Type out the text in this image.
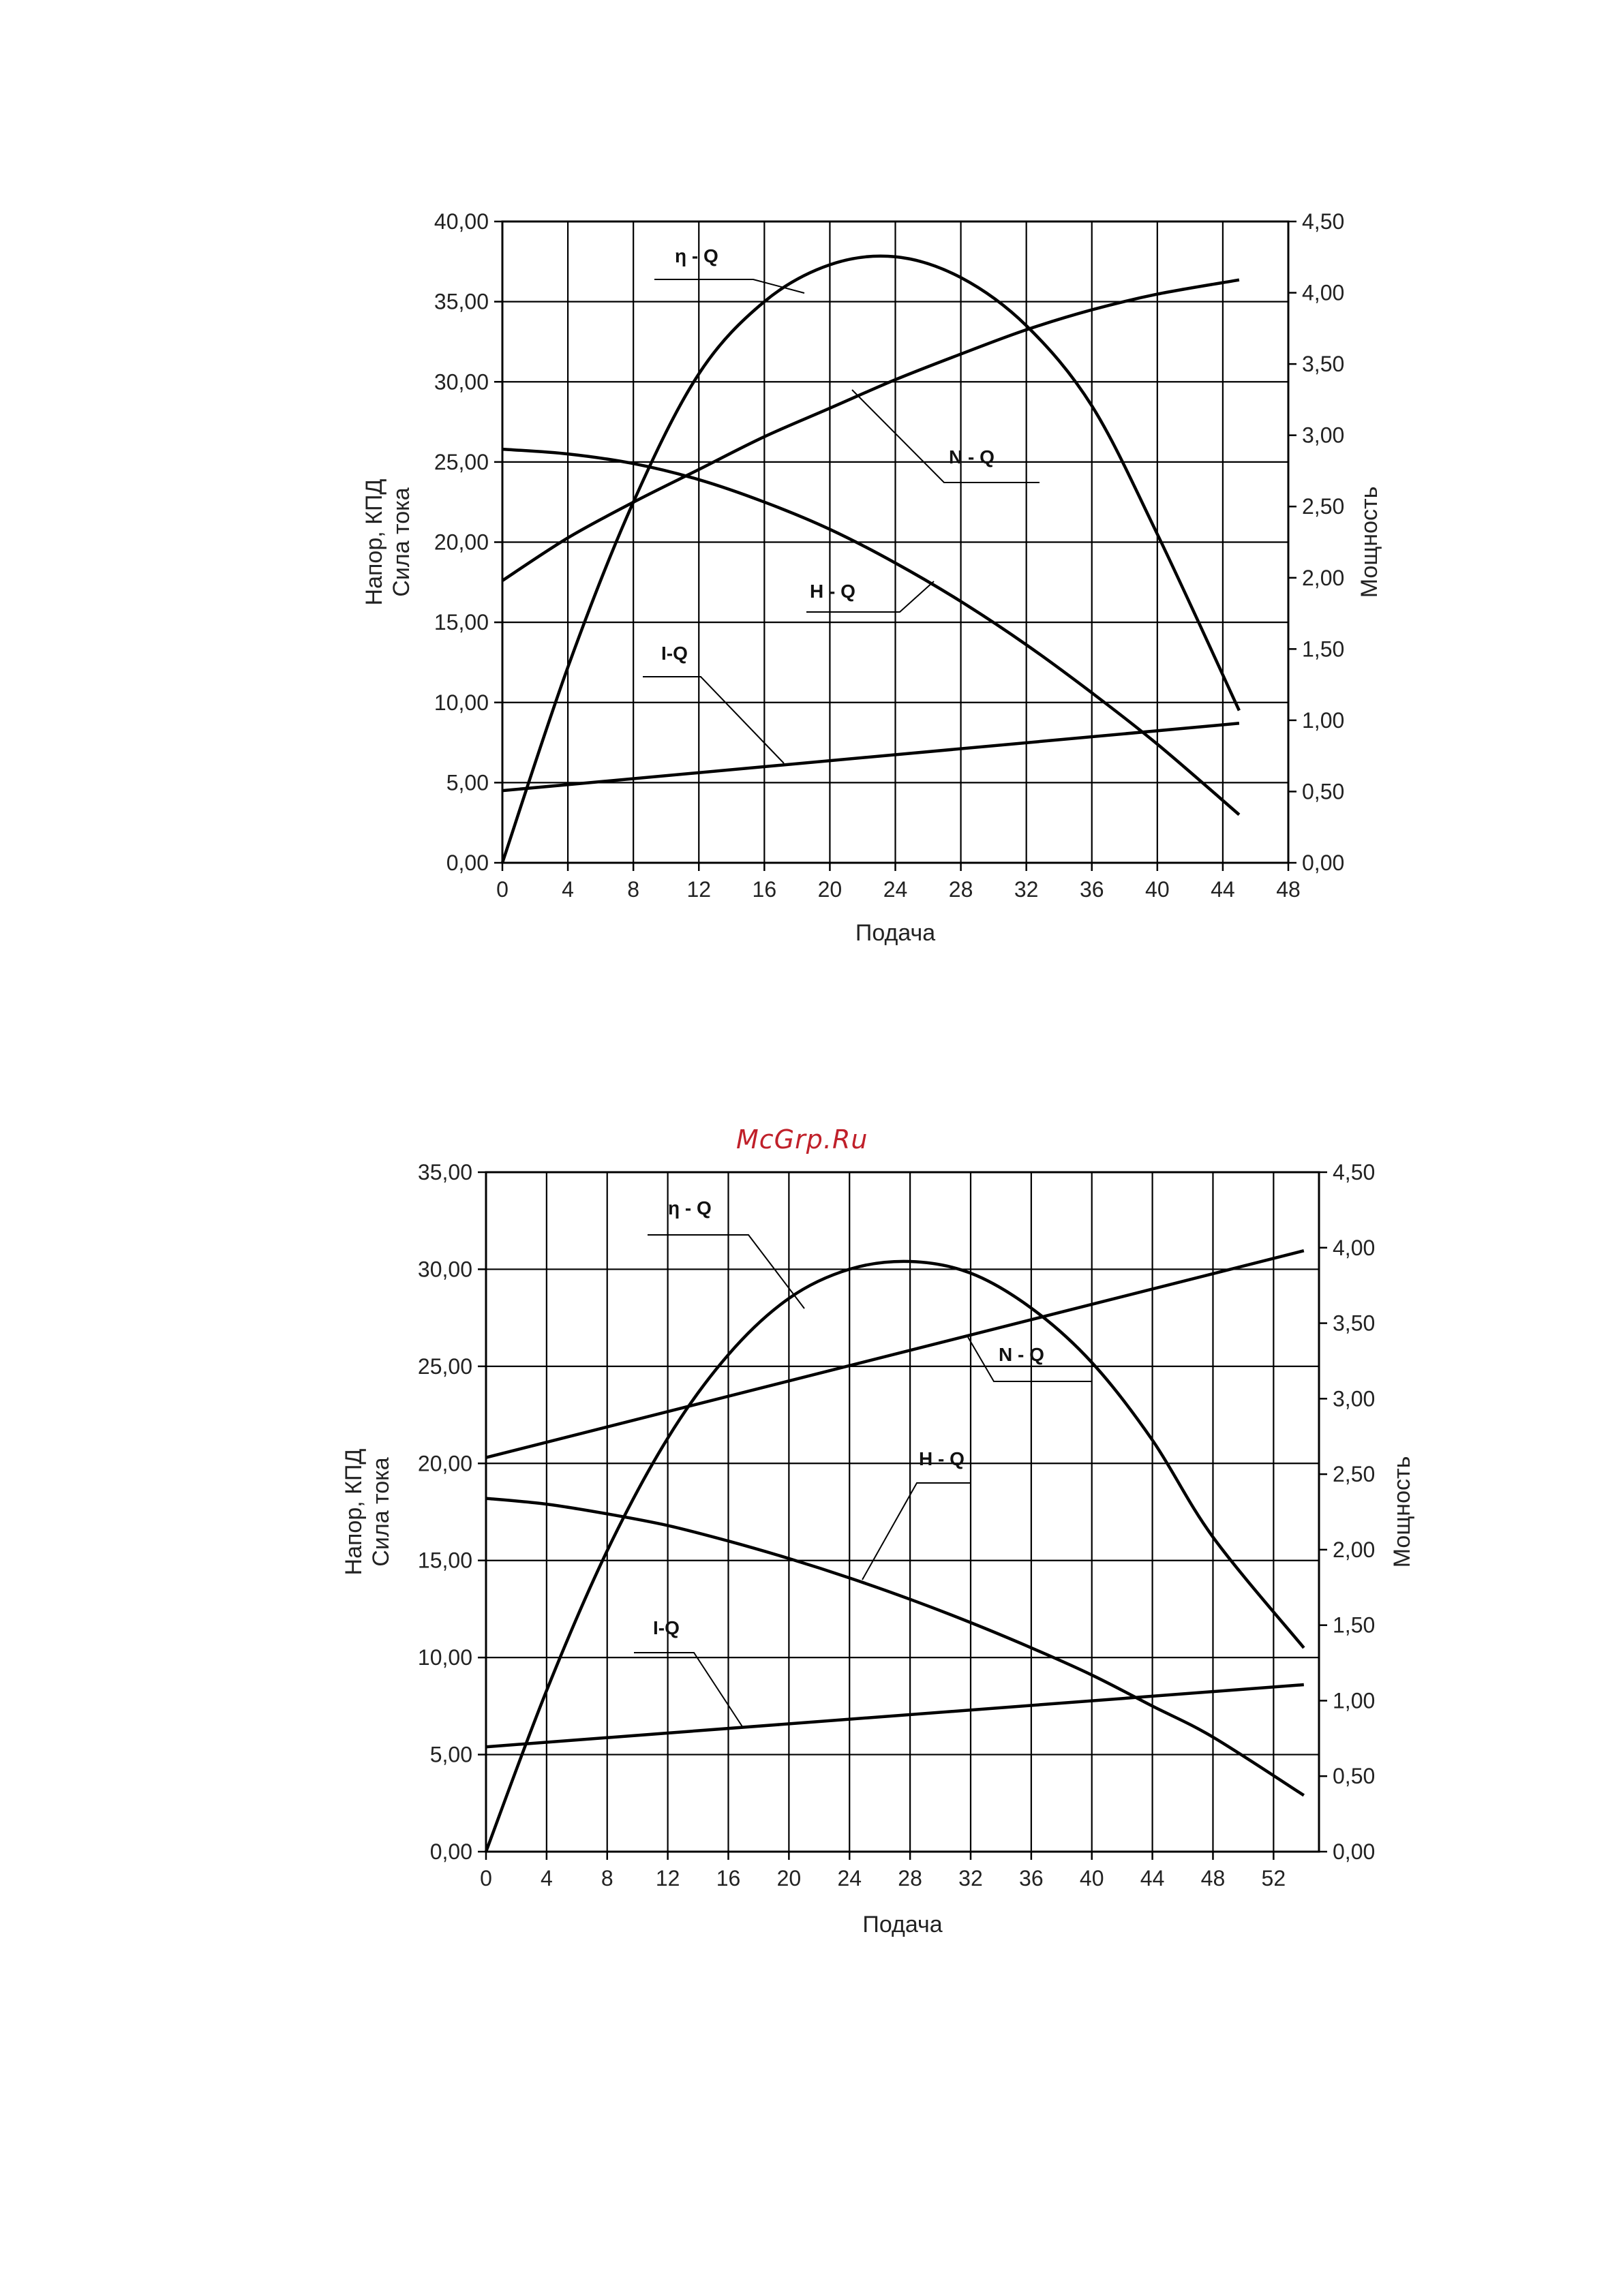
McGrp.Ru
0,00
5,00
10,00
15,00
20,00
25,00
30,00
35,00
40,00
0,00
0,50
1,00
1,50
2,00
2,50
3,00
3,50
4,00
4,50
0 4 8 12 16 20 24 28 32 36 40 44 48
Подача
Напор, КПД Сила тока	Мощность
η - Q
N - Q
H - Q
I-Q
0,00
5,00
10,00
15,00
20,00
25,00
30,00
35,00
0,00
0,50
1,00
1,50
2,00
2,50
3,00
3,50
4,00
4,50
0 4 8 12 16 20 24 28 32 36 40 44 48 52
Подача
Напор, КПД Сила тока	Мощность
η - Q
N - Q
H - Q
I-Q
